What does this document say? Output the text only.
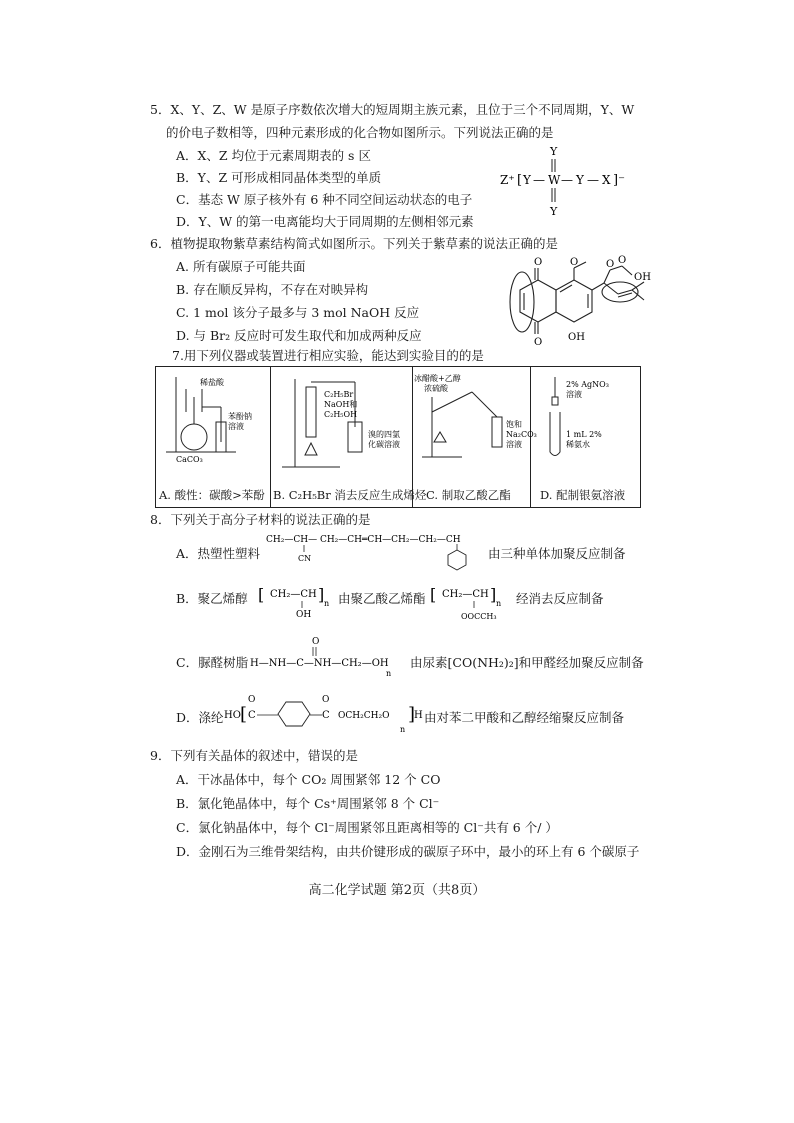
5．X、Y、Z、W 是原子序数依次增大的短周期主族元素，且位于三个不同周期，Y、W
的价电子数相等，四种元素形成的化合物如图所示。下列说法正确的是
A．X、Z 均位于元素周期表的 s 区
B．Y、Z 可形成相同晶体类型的单质
C．基态 W 原子核外有 6 种不同空间运动状态的电子
D．Y、W 的第一电离能均大于同周期的左侧相邻元素
Y
Z⁺ [ Y — W — Y — X ]⁻
Y
6．植物提取物紫草素结构简式如图所示。下列关于紫草素的说法正确的是
A. 所有碳原子可能共面
B. 存在顺反异构，不存在对映异构
C. 1 mol 该分子最多与 3 mol NaOH 反应
D. 与 Br₂ 反应时可发生取代和加成两种反应
O
O
O	O O
OH
OH
7.用下列仪器或装置进行相应实验，能达到实验目的的是
稀盐酸
苯酚钠
溶液
CaCO₃
A. 酸性：碳酸>苯酚
C₂H₅Br
NaOH和
C₂H₅OH
溴的四氯
化碳溶液
B. C₂H₅Br 消去反应生成烯烃
冰醋酸+乙醇
浓硫酸
饱和
Na₂CO₃
溶液
C. 制取乙酸乙酯
2% AgNO₃
溶液
1 mL 2%
稀氨水
D. 配制银氨溶液
8．下列关于高分子材料的说法正确的是
A．热塑性塑料
CH₂—CH— CH₂—CH═CH—CH₂—CH₂—CH
CN	由三种单体加聚反应制备
B．聚乙烯醇 [ CH₂—CH
OH
] n	[ CH₂—CH
OOCCH₃
] n
由聚乙酸乙烯酯	经消去反应制备
C．脲醛树脂
O
H—NH—C—NH—CH₂—OH
n
由尿素[CO(NH₂)₂]和甲醛经加聚反应制备
D．涤纶 HO [ C
O
C
O
OCH₂CH₂O ]
H
n
由对苯二甲酸和乙醇经缩聚反应制备
9．下列有关晶体的叙述中，错误的是
A．干冰晶体中，每个 CO₂ 周围紧邻 12 个 CO
B．氯化铯晶体中，每个 Cs⁺周围紧邻 8 个 Cl⁻
C．氯化钠晶体中，每个 Cl⁻周围紧邻且距离相等的 Cl⁻共有 6 个/ ）
D．金刚石为三维骨架结构，由共价键形成的碳原子环中，最小的环上有 6 个碳原子
高二化学试题 第2页（共8页）
